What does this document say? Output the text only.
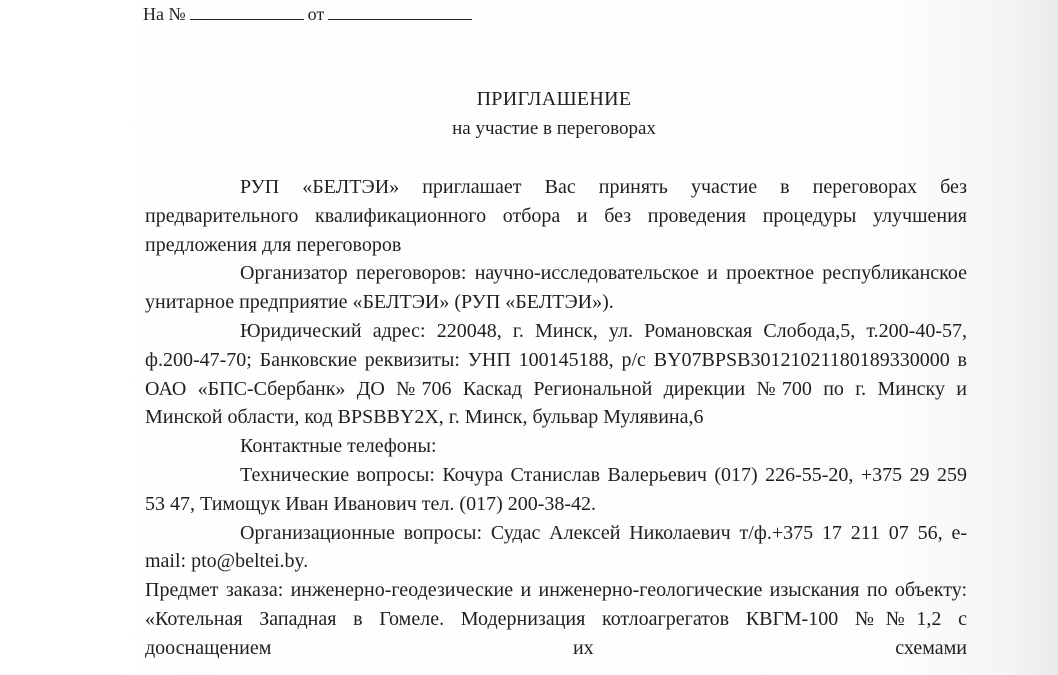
На №	от
ПРИГЛАШЕНИЕ
на участие в переговорах

РУП «БЕЛТЭИ» приглашает Вас принять участие в переговорах без предварительного квалификационного отбора и без проведения процедуры улучшения предложения для переговоров

Организатор переговоров: научно-исследовательское и проектное республиканское унитарное предприятие «БЕЛТЭИ» (РУП «БЕЛТЭИ»).

Юридический адрес: 220048, г. Минск, ул. Романовская Слобода,5, т.200-40-57, ф.200-47-70; Банковские реквизиты: УНП 100145188, р/с BY07BPSB30121021180189330000 в ОАО «БПС-Сбербанк» ДО №706 Каскад Региональной дирекции №700 по г. Минску и Минской области, код BPSBBY2X, г. Минск, бульвар Мулявина,6

Контактные телефоны:

Технические вопросы: Кочура Станислав Валерьевич (017) 226-55-20, +375 29 259 53 47, Тимощук Иван Иванович тел. (017) 200-38-42.

Организационные вопросы: Судас Алексей Николаевич т/ф.+375 17 211 07 56, e-mail: pto@beltei.by.

Предмет заказа: инженерно-геодезические и инженерно-геологические изыскания по объекту: «Котельная Западная в Гомеле. Модернизация котлоагрегатов КВГМ-100 №№1,2 с дооснащением их схемами
